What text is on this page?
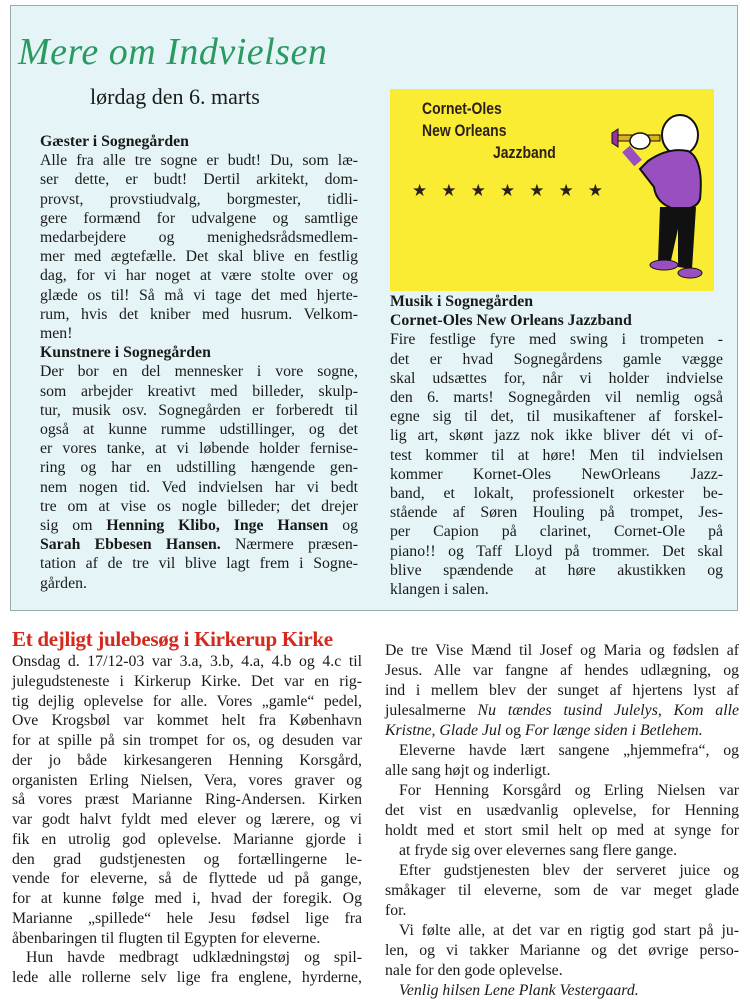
Mere om Indvielsen
lørdag den 6. marts
Gæster i Sognegården
Alle fra alle tre sogne er budt! Du, som læ-
ser dette, er budt! Dertil arkitekt, dom-
provst, provstiudvalg, borgmester, tidli-
gere formænd for udvalgene og samtlige
medarbejdere og menighedsrådsmedlem-
mer med ægtefælle. Det skal blive en festlig
dag, for vi har noget at være stolte over og
glæde os til! Så må vi tage det med hjerte-
rum, hvis det kniber med husrum. Velkom-
men!
Kunstnere i Sognegården
Der bor en del mennesker i vore sogne,
som arbejder kreativt med billeder, skulp-
tur, musik osv. Sognegården er forberedt til
også at kunne rumme udstillinger, og det
er vores tanke, at vi løbende holder fernise-
ring og har en udstilling hængende gen-
nem nogen tid. Ved indvielsen har vi bedt
tre om at vise os nogle billeder; det drejer
sig om Henning Klibo, Inge Hansen og
Sarah Ebbesen Hansen. Nærmere præsen-
tation af de tre vil blive lagt frem i Sogne-
gården.
Cornet-Oles
New Orleans
Jazzband
★ ★ ★ ★ ★ ★ ★
Musik i Sognegården
Cornet-Oles New Orleans Jazzband
Fire festlige fyre med swing i trompeten -
det er hvad Sognegårdens gamle vægge
skal udsættes for, når vi holder indvielse
den 6. marts! Sognegården vil nemlig også
egne sig til det, til musikaftener af forskel-
lig art, skønt jazz nok ikke bliver dét vi of-
test kommer til at høre! Men til indvielsen
kommer Kornet-Oles NewOrleans Jazz-
band, et lokalt, professionelt orkester be-
stående af Søren Houling på trompet, Jes-
per Capion på clarinet, Cornet-Ole på
piano!! og Taff Lloyd på trommer. Det skal
blive spændende at høre akustikken og
klangen i salen.
Et dejligt julebesøg i Kirkerup Kirke
Onsdag d. 17/12-03 var 3.a, 3.b, 4.a, 4.b og 4.c til
julegudsteneste i Kirkerup Kirke. Det var en rig-
tig dejlig oplevelse for alle. Vores „gamle“ pedel,
Ove Krogsbøl var kommet helt fra København
for at spille på sin trompet for os, og desuden var
der jo både kirkesangeren Henning Korsgård,
organisten Erling Nielsen, Vera, vores graver og
så vores præst Marianne Ring-Andersen. Kirken
var godt halvt fyldt med elever og lærere, og vi
fik en utrolig god oplevelse. Marianne gjorde i
den grad gudstjenesten og fortællingerne le-
vende for eleverne, så de flyttede ud på gange,
for at kunne følge med i, hvad der foregik. Og
Marianne „spillede“ hele Jesu fødsel lige fra
åbenbaringen til flugten til Egypten for eleverne.
Hun havde medbragt udklædningstøj og spil-
lede alle rollerne selv lige fra englene, hyrderne,
De tre Vise Mænd til Josef og Maria og fødslen af
Jesus. Alle var fangne af hendes udlægning, og
ind i mellem blev der sunget af hjertens lyst af
julesalmerne Nu tændes tusind Julelys, Kom alle
Kristne, Glade Jul og For længe siden i Betlehem.
Eleverne havde lært sangene „hjemmefra“, og
alle sang højt og inderligt.
For Henning Korsgård og Erling Nielsen var
det vist en usædvanlig oplevelse, for Henning
holdt med et stort smil helt op med at synge for
at fryde sig over elevernes sang flere gange.
Efter gudstjenesten blev der serveret juice og
småkager til eleverne, som de var meget glade
for.
Vi følte alle, at det var en rigtig god start på ju-
len, og vi takker Marianne og det øvrige perso-
nale for den gode oplevelse.
Venlig hilsen Lene Plank Vestergaard.
